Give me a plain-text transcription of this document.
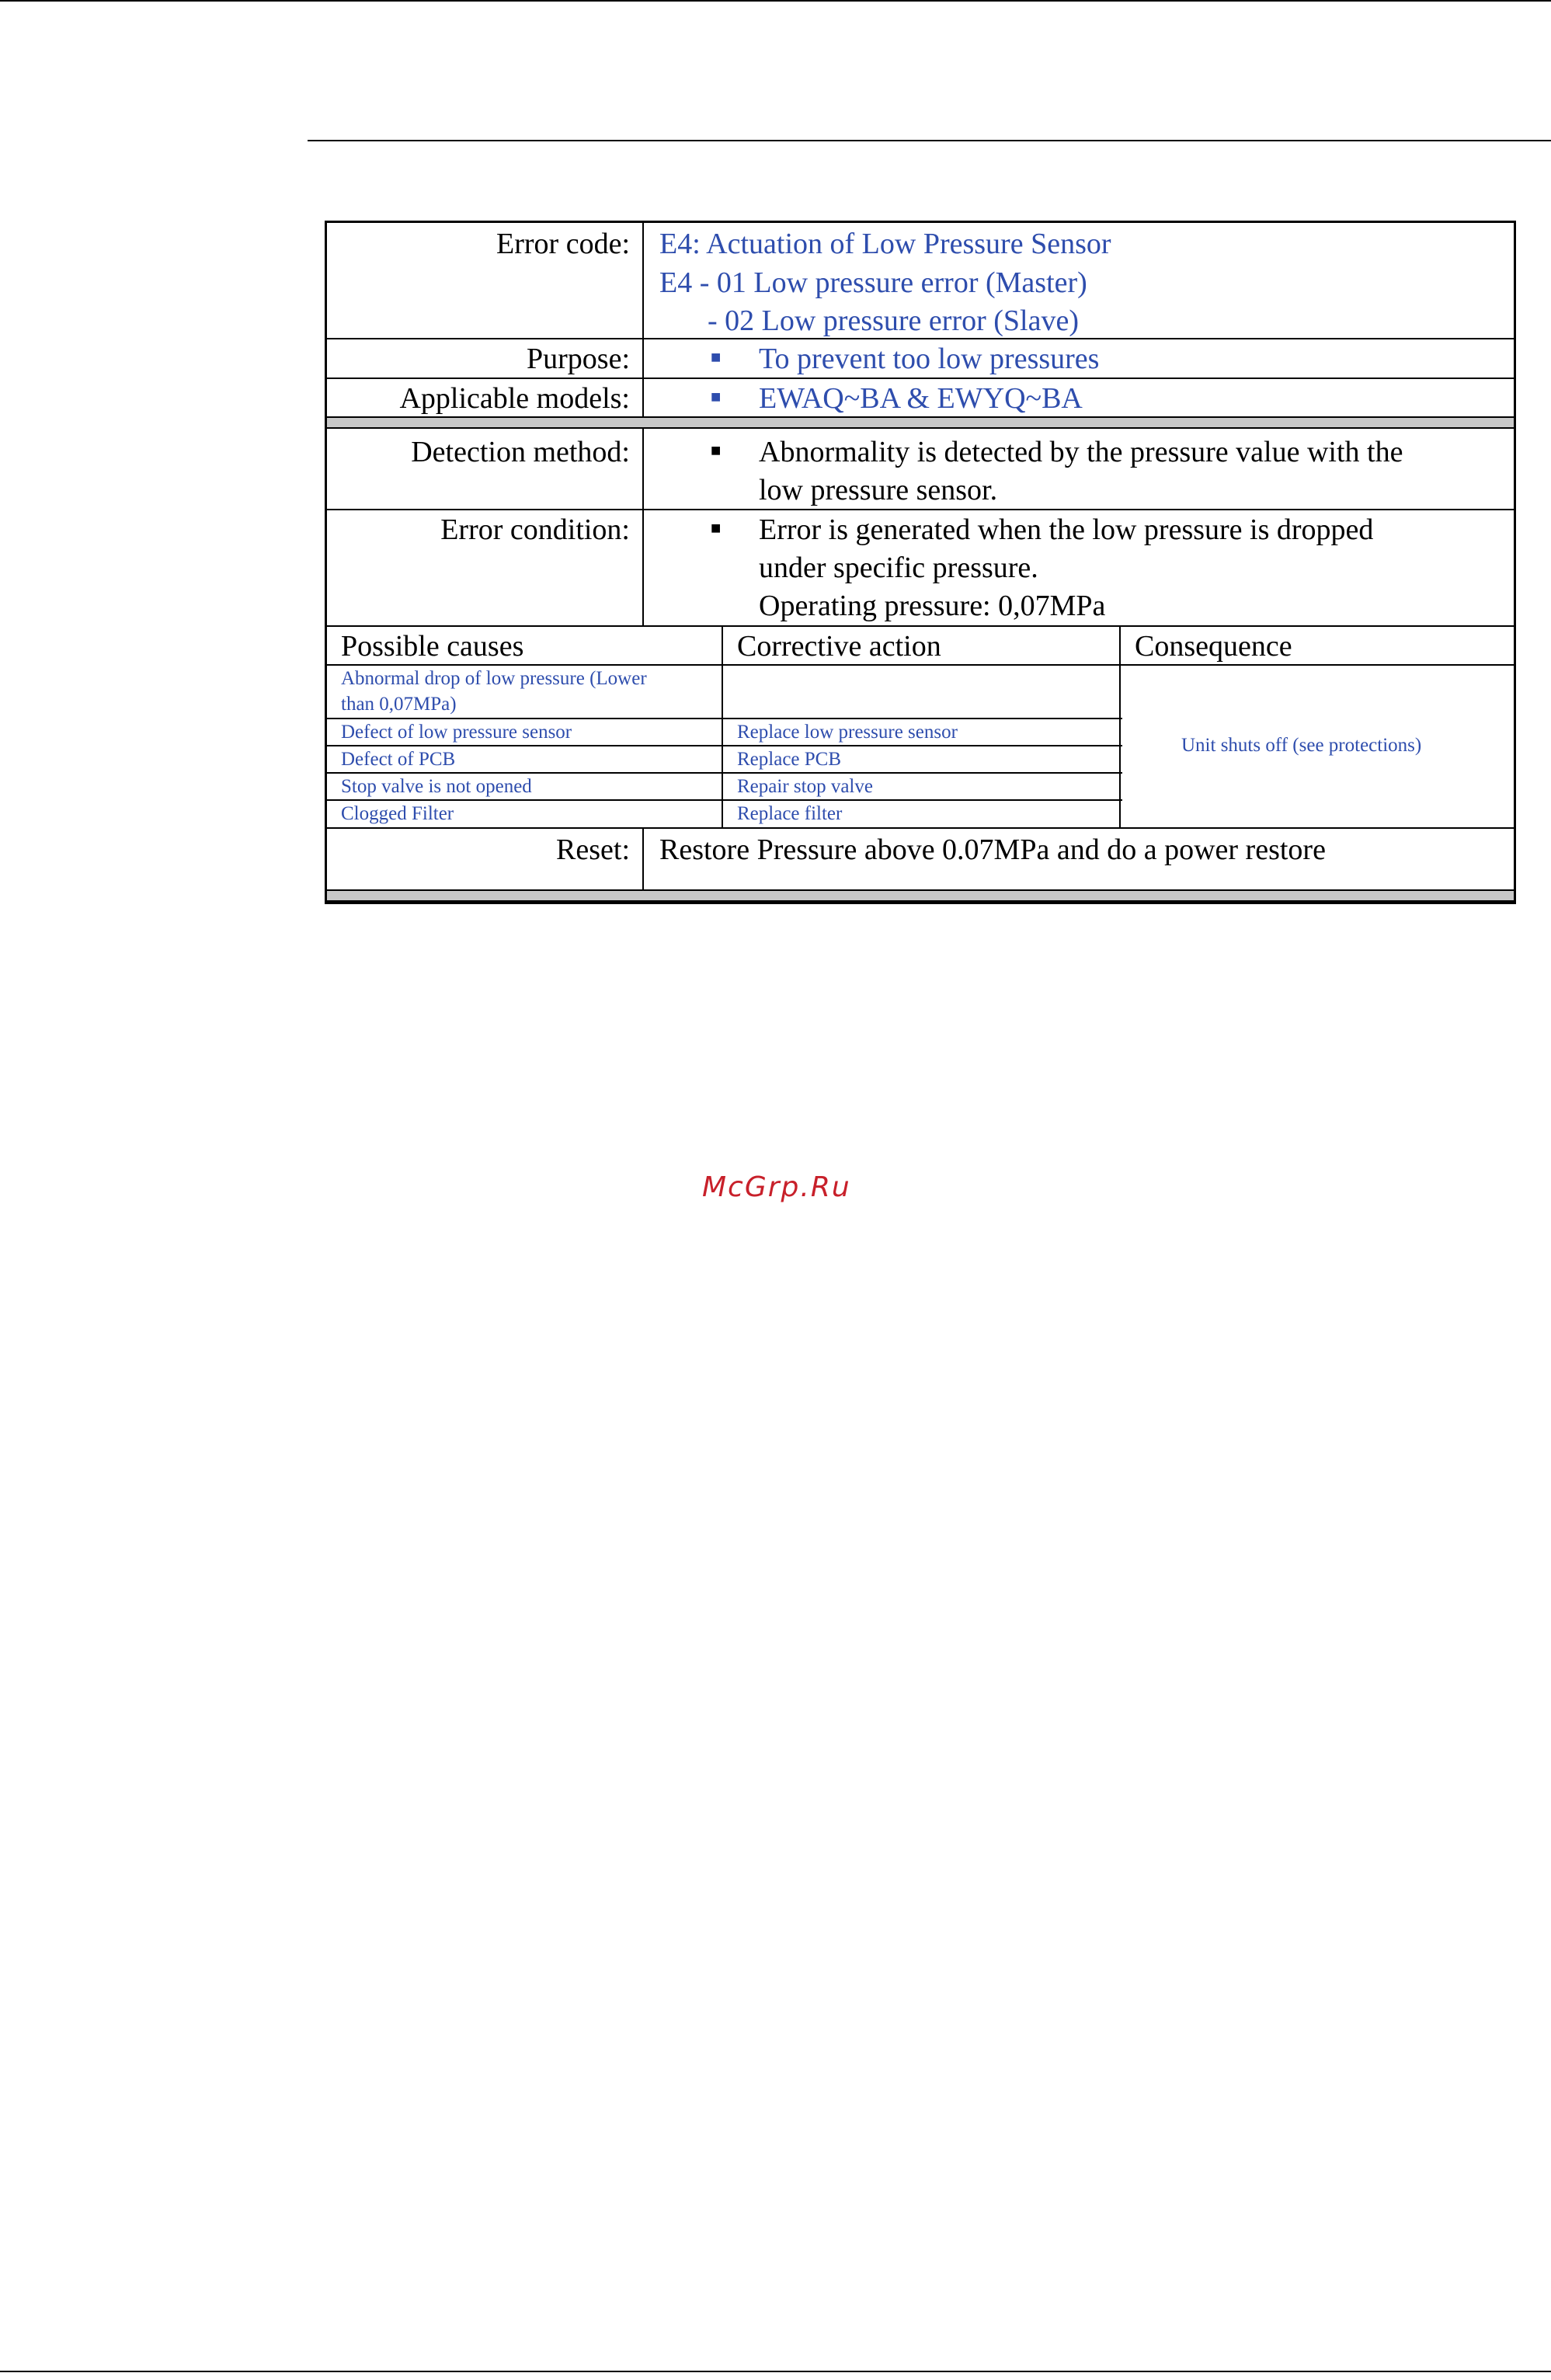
Error code: E4: Actuation of Low Pressure Sensor
E4 - 01 Low pressure error (Master)
- 02 Low pressure error (Slave)
Purpose:	■ To prevent too low pressures
Applicable models:	■ EWAQ~BA & EWYQ~BA
Detection method:	■ Abnormality is detected by the pressure value with the
low pressure sensor.
Error condition:	■ Error is generated when the low pressure is dropped
under specific pressure.
Operating pressure: 0,07MPa
Possible causes	Corrective action	Consequence
Abnormal drop of low pressure (Lower
than 0,07MPa)
Defect of low pressure sensor	Replace low pressure sensor
Defect of PCB	Replace PCB
Stop valve is not opened	Repair stop valve
Clogged Filter	Replace filter
Unit shuts off (see protections)
Reset: Restore Pressure above 0.07MPa and do a power restore
McGrp.Ru
